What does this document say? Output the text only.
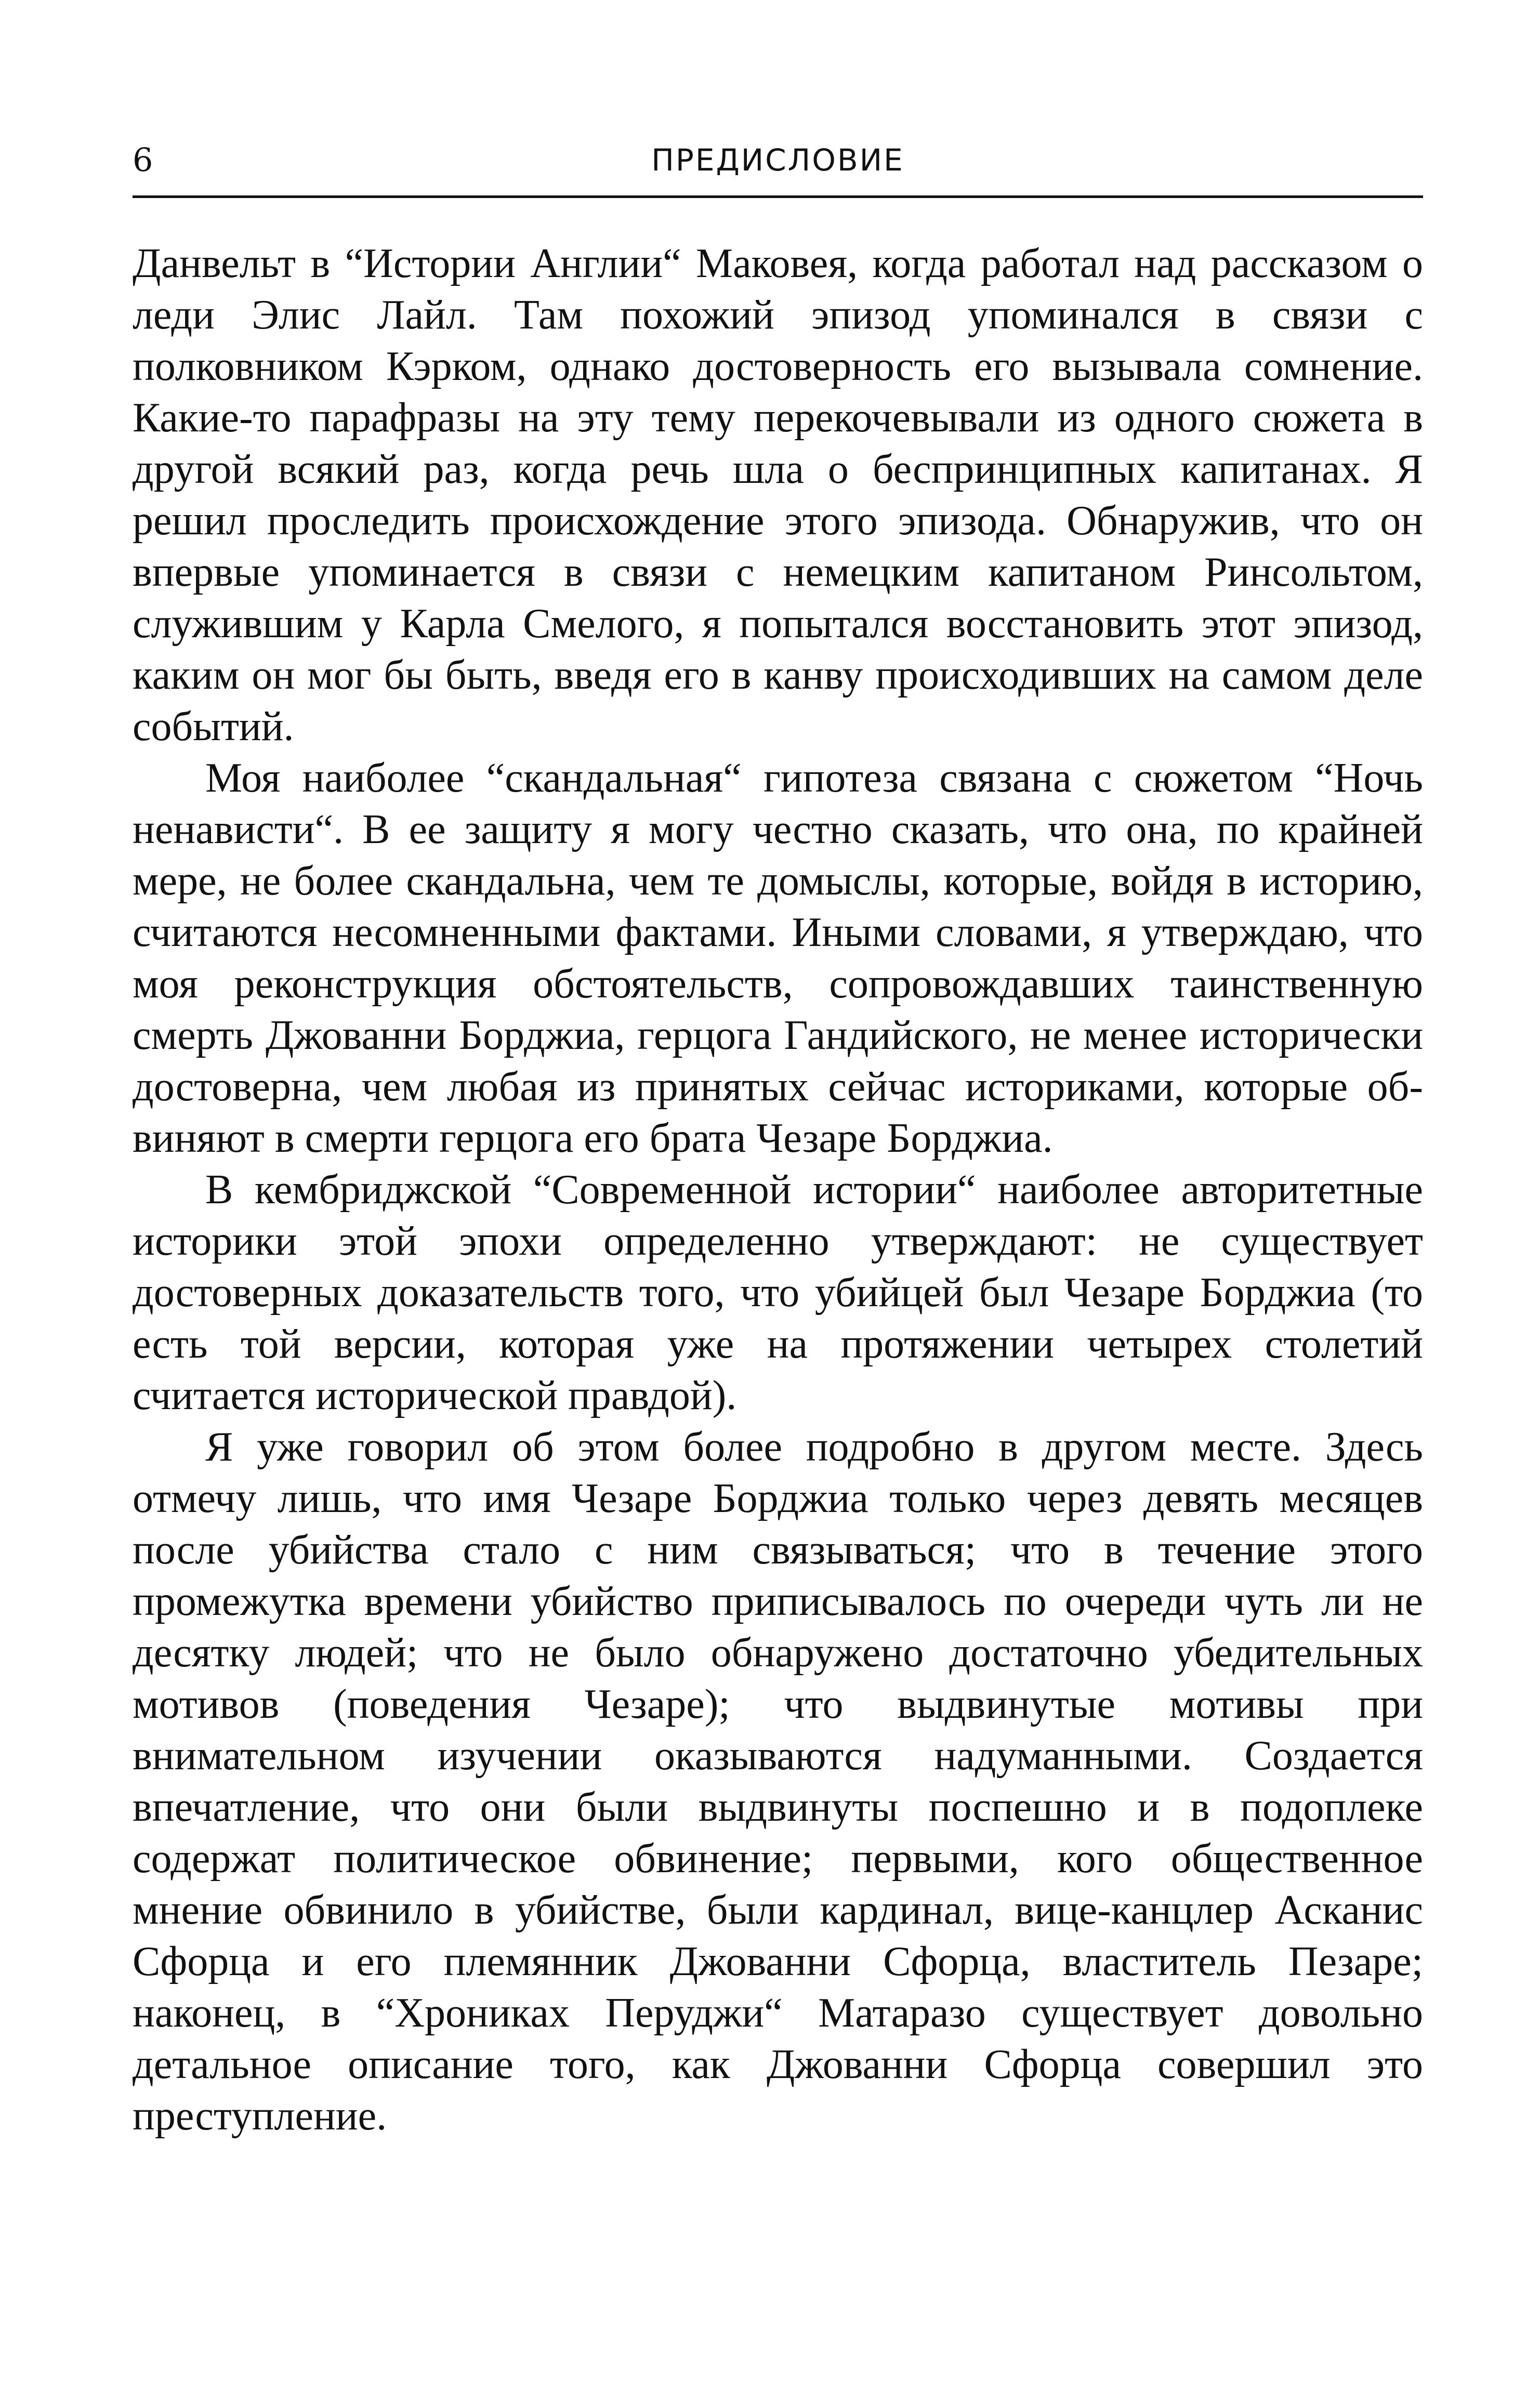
6	ПРЕДИСЛОВИЕ

Данвельт в “Истории Англии“ Маковея, когда работал над рассказом о леди Элис Лайл. Там похожий эпизод упоминался в связи с полковником Кэрком, однако достоверность его вызывала сомнение. Какие-то парафразы на эту тему перекочевывали из одного сюжета в другой всякий раз, когда речь шла о беспринципных капитанах. Я решил проследить происхождение этого эпизода. Обнаружив, что он впервые упоминается в связи с немецким капитаном Ринсольтом, служившим у Карла Смелого, я попытался восстановить этот эпизод, каким он мог бы быть, введя его в канву происходивших на самом деле событий.

Моя наиболее “скандальная“ гипотеза связана с сюжетом “Ночь ненависти“. В ее защиту я могу честно сказать, что она, по крайней мере, не более скандальна, чем те домыслы, которые, войдя в историю, считаются несомненными фактами. Иными словами, я утверждаю, что моя реконструкция обстоятельств, сопровождавших таинственную смерть Джованни Борджиа, герцога Гандийского, не менее исторически достоверна, чем любая из принятых сейчас историками, которые обвиняют в смерти герцога его брата Чезаре Борджиа.

В кембриджской “Современной истории“ наиболее авторитетные историки этой эпохи определенно утверждают: не существует достоверных доказательств того, что убийцей был Чезаре Борджиа (то есть той версии, которая уже на протяжении четырех столетий считается исторической правдой).

Я уже говорил об этом более подробно в другом месте. Здесь отмечу лишь, что имя Чезаре Борджиа только через девять месяцев после убийства стало с ним связываться; что в течение этого промежутка времени убийство приписывалось по очереди чуть ли не десятку людей; что не было обнаружено достаточно убедительных мотивов (поведения Чезаре); что выдвинутые мотивы при внимательном изучении оказываются надуманными. Создается впечатление, что они были выдвинуты поспешно и в подоплеке содержат политическое обвинение; первыми, кого общественное мнение обвинило в убийстве, были кардинал, вице-канцлер Асканис Сфорца и его племянник Джованни Сфорца, властитель Пезаре; наконец, в “Хрониках Перуджи“ Матаразо существует довольно детальное описание того, как Джованни Сфорца совершил это преступление.
